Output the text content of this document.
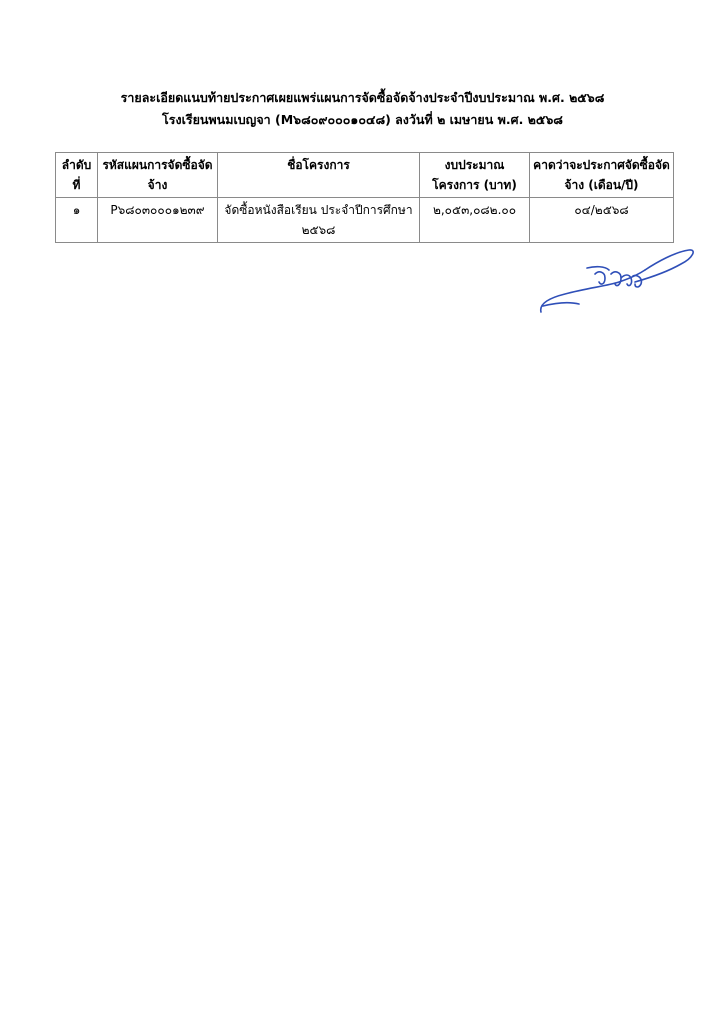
รายละเอียดแนบท้ายประกาศเผยแพร่แผนการจัดซื้อจัดจ้างประจำปีงบประมาณ พ.ศ. ๒๕๖๘
โรงเรียนพนมเบญจา (M๖๘๐๙๐๐๐๑๐๔๘) ลงวันที่ ๒ เมษายน พ.ศ. ๒๕๖๘
ลำดับที่	รหัสแผนการจัดซื้อจัดจ้าง	ชื่อโครงการ	งบประมาณโครงการ (บาท)	คาดว่าจะประกาศจัดซื้อจัดจ้าง (เดือน/ปี)
๑	P๖๘๐๓๐๐๐๑๒๓๙	จัดซื้อหนังสือเรียน ประจำปีการศึกษา ๒๕๖๘	๒,๐๕๓,๐๘๒.๐๐	๐๔/๒๕๖๘
